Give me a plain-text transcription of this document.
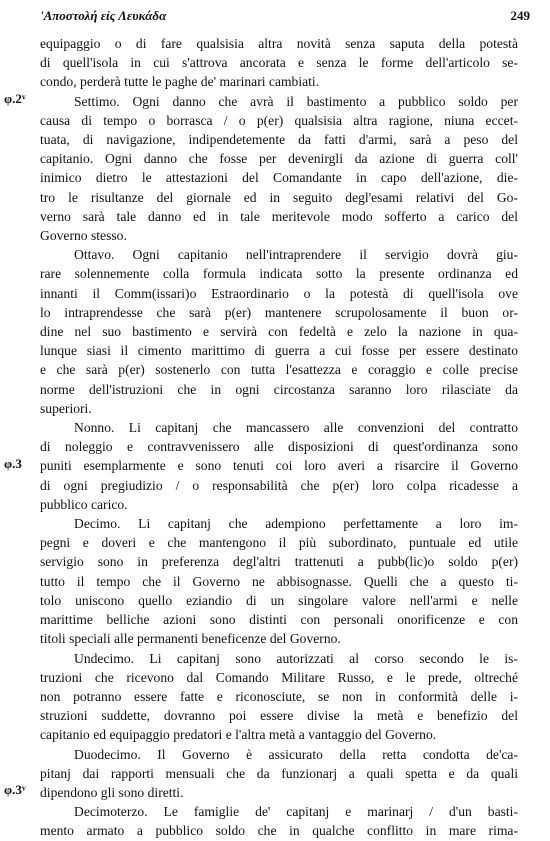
'Αποστολή εἰς Λευκάδα	249
φ.2ᵛ
φ.3
φ.3ᵛ
equipaggio o di fare qualsisia altra novità senza saputa della potestà
di quell'isola in cui s'attrova ancorata e senza le forme dell'articolo se-
condo, perderà tutte le paghe de' marinari cambiati.
Settimo. Ogni danno che avrà il bastimento a pubblico soldo per
causa di tempo o borrasca / o p(er) qualsisia altra ragione, niuna eccet-
tuata, di navigazione, indipendetemente da fatti d'armi, sarà a peso del
capitanio. Ogni danno che fosse per devenirgli da azione di guerra coll'
inimico dietro le attestazioni del Comandante in capo dell'azione, die-
tro le risultanze del giornale ed in seguito degl'esami relativi del Go-
verno sarà tale danno ed in tale meritevole modo sofferto a carico del
Governo stesso.
Ottavo. Ogni capitanio nell'intraprendere il servigio dovrà giu-
rare solennemente colla formula indicata sotto la presente ordinanza ed
innanti il Comm(issari)o Estraordinario o la potestà di quell'isola ove
lo intraprendesse che sarà p(er) mantenere scrupolosamente il buon or-
dine nel suo bastimento e servirà con fedeltà e zelo la nazione in qua-
lunque siasi il cimento marittimo di guerra a cui fosse per essere destinato
e che sarà p(er) sostenerlo con tutta l'esattezza e coraggio e colle precise
norme dell'istruzioni che in ogni circostanza saranno loro rilasciate da
superiori.
Nonno. Li capitanj che mancassero alle convenzioni del contratto
di noleggio e contravvenissero alle disposizioni di quest'ordinanza sono
puniti esemplarmente e sono tenuti coi loro averi a risarcire il Governo
di ogni pregiudizio / o responsabilità che p(er) loro colpa ricadesse a
pubblico carico.
Decimo. Li capitanj che adempiono perfettamente a loro im-
pegni e doveri e che mantengono il più subordinato, puntuale ed utile
servigio sono in preferenza degl'altri trattenuti a pubb(lic)o soldo p(er)
tutto il tempo che il Governo ne abbisognasse. Quelli che a questo ti-
tolo uniscono quello eziandio di un singolare valore nell'armi e nelle
marittime belliche azioni sono distinti con personali onorificenze e con
titoli speciali alle permanenti beneficenze del Governo.
Undecimo. Li capitanj sono autorizzati al corso secondo le is-
truzioni che ricevono dal Comando Militare Russo, e le prede, oltreché
non potranno essere fatte e riconosciute, se non in conformità delle i-
struzioni suddette, dovranno poi essere divise la metà e benefizio del
capitanio ed equipaggio predatori e l'altra metà a vantaggio del Governo.
Duodecimo. Il Governo è assicurato della retta condotta de'ca-
pitanj dai rapporti mensuali che da funzionarj a quali spetta e da quali
dipendono gli sono diretti.
Decimoterzo. Le famiglie de' capitanj e marinarj / d'un basti-
mento armato a pubblico soldo che in qualche conflitto in mare rima-
